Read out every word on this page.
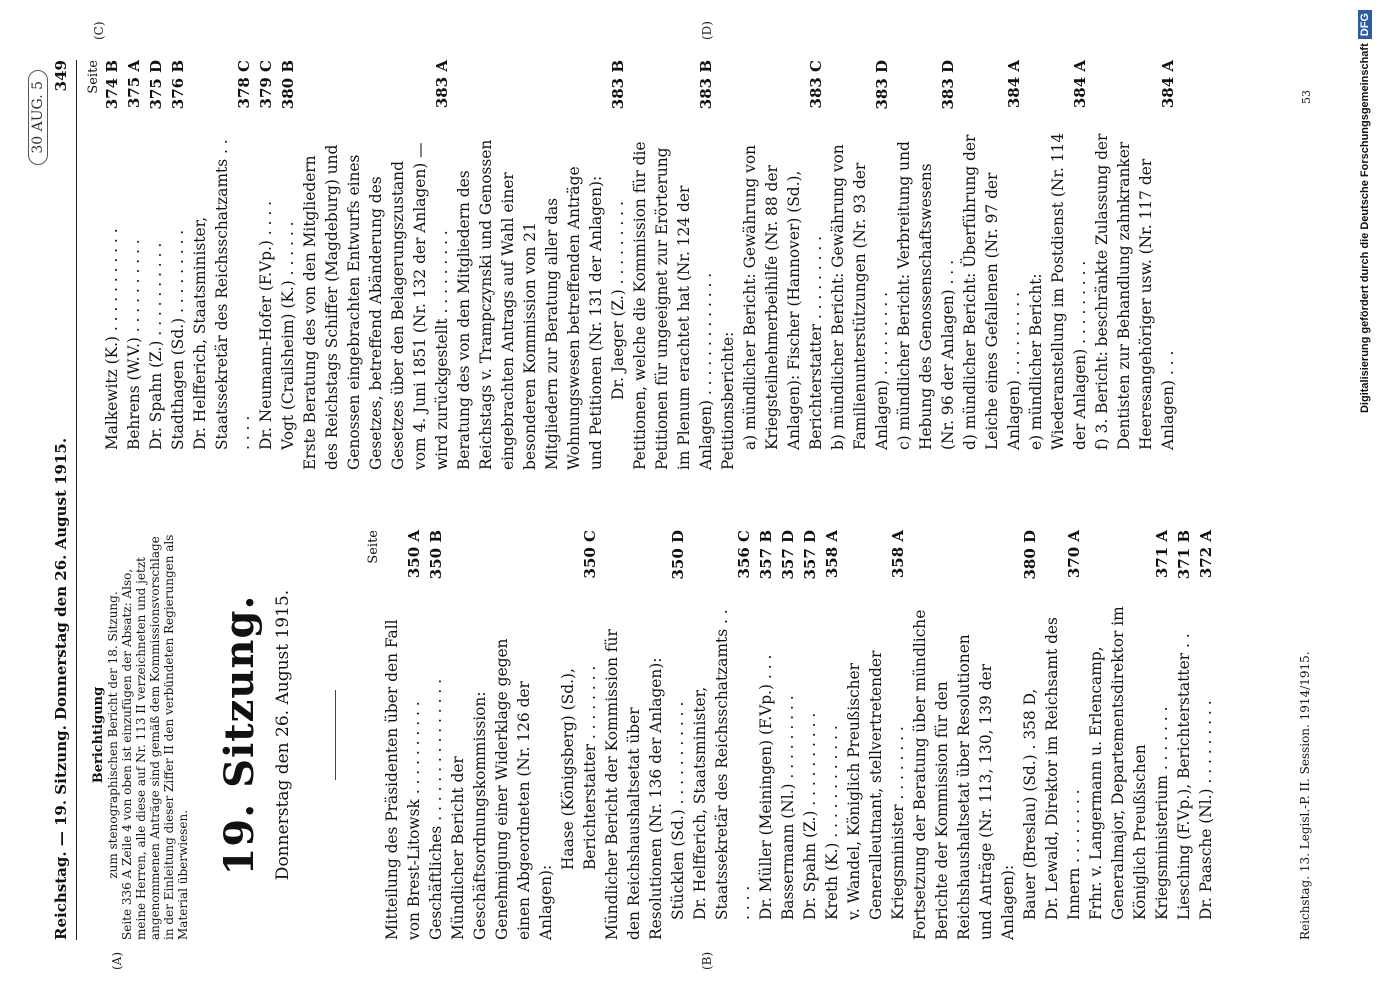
Reichstag. — 19. Sitzung. Donnerstag den 26. August 1915.
349
30 AUG. 5
(A)	(B)
(C)	(D)
Berichtigung zum stenographischen Bericht der 18. Sitzung. Seite 336 A Zeile 4 von oben ist einzufügen der Absatz: Also, meine Herren, alle diese auf Nr. 113 II verzeichneten und jetzt angenommenen Anträge sind gemäß dem Kommissionsvorschlage in der Einleitung dieser Ziffer II den verbündeten Regierungen als Material überwiesen. 19. Sitzung. Donnerstag den 26. August 1915.
Seite
Mitteilung des Präsidenten über den Fall von Brest-Litowsk . . . . . . . . . .
350 A
Geschäftliches . . . . . . . . . . . . . . .
350 B
Mündlicher Bericht der Geschäftsordnungskommission: Genehmigung einer Widerklage gegen einen Abgeordneten (Nr. 126 der Anlagen):
Haase (Königsberg) (Sd.), Berichterstatter . . . . . . . .
350 C
Mündlicher Bericht der Kommission für den Reichshaushaltsetat über Resolutionen (Nr. 136 der Anlagen): Stücklen (Sd.) . . . . . . . . . . .
350 D
Dr. Helfferich, Staatsminister, Staatssekretär des Reichsschatzamts . . . . . .
356 C
Dr. Müller (Meiningen) (F.Vp.) . . .
357 B
Bassermann (Nl.) . . . . . . . . .
357 D
Dr. Spahn (Z.) . . . . . . . . . .
357 D
Kreth (K.) . . . . . . . . . . . .
358 A
v. Wandel, Königlich Preußischer Generalleutnant, stellvertretender Kriegsminister . . . . . . . .
358 A
Fortsetzung der Beratung über mündliche Berichte der Kommission für den Reichshaushaltsetat über Resolutionen und Anträge (Nr. 113, 130, 139 der Anlagen): Bauer (Breslau) (Sd.) . 358 D,
380 D
Dr. Lewald, Direktor im Reichsamt des Innern . . . . . . . .
370 A
Frhr. v. Langermann u. Erlencamp, Generalmajor, Departementsdirektor im Königlich Preußischen Kriegsministerium . . . . . . .
371 A
Liesching (F.Vp.), Berichterstatter . .
371 B
Dr. Paasche (Nl.) . . . . . . . . .
372 A
Seite
Malkewitz (K.) . . . . . . . . . . .
374 B
Behrens (W.V.) . . . . . . . . . .
375 A
Dr. Spahn (Z.) . . . . . . . . . .
375 D
Stadthagen (Sd.) . . . . . . . . .
376 B
Dr. Helfferich, Staatsminister, Staatssekretär des Reichsschatzamts . . . . . .
378 C
Dr. Neumann-Hofer (F.Vp.) . . . .
379 C
Vogt (Crailsheim) (K.) . . . . . .
380 B
Erste Beratung des von den Mitgliedern des Reichstags Schiffer (Magdeburg) und Genossen eingebrachten Entwurfs eines Gesetzes, betreffend Abänderung des Gesetzes über den Belagerungszustand vom 4. Juni 1851 (Nr. 132 der Anlagen) — wird zurückgestellt . . . . . . . . .
383 A
Beratung des von den Mitgliedern des Reichstags v. Trampczynski und Genossen eingebrachten Antrags auf Wahl einer besonderen Kommission von 21 Mitgliedern zur Beratung aller das Wohnungswesen betreffenden Anträge und Petitionen (Nr. 131 der Anlagen): Dr. Jaeger (Z.) . . . . . . . . .
383 B
Petitionen, welche die Kommission für die Petitionen für ungeeignet zur Erörterung im Plenum erachtet hat (Nr. 124 der Anlagen) . . . . . . . . . . . . .
383 B
Petitionsberichte: a) mündlicher Bericht: Gewährung von Kriegsteilnehmerbeihilfe (Nr. 88 der Anlagen): Fischer (Hannover) (Sd.), Berichterstatter . . . . . . . . .
383 C
b) mündlicher Bericht: Gewährung von Familienunterstützungen (Nr. 93 der Anlagen) . . . . . . . . .
383 D
c) mündlicher Bericht: Verbreitung und Hebung des Genossenschaftswesens (Nr. 96 der Anlagen) . . .
383 D
d) mündlicher Bericht: Überführung der Leiche eines Gefallenen (Nr. 97 der Anlagen) . . . . . . . . .
384 A
e) mündlicher Bericht: Wiederanstellung im Postdienst (Nr. 114 der Anlagen) . . . . . . . . .
384 A
f) 3. Bericht: beschränkte Zulassung der Dentisten zur Behandlung zahnkranker Heeresangehöriger usw. (Nr. 117 der Anlagen) . . .
384 A
Reichstag. 13. Legisl.-P. II. Session. 1914/1915.
53	Digitalisierung gefördert durch die Deutsche ForschungsgemeinschaftDFG
